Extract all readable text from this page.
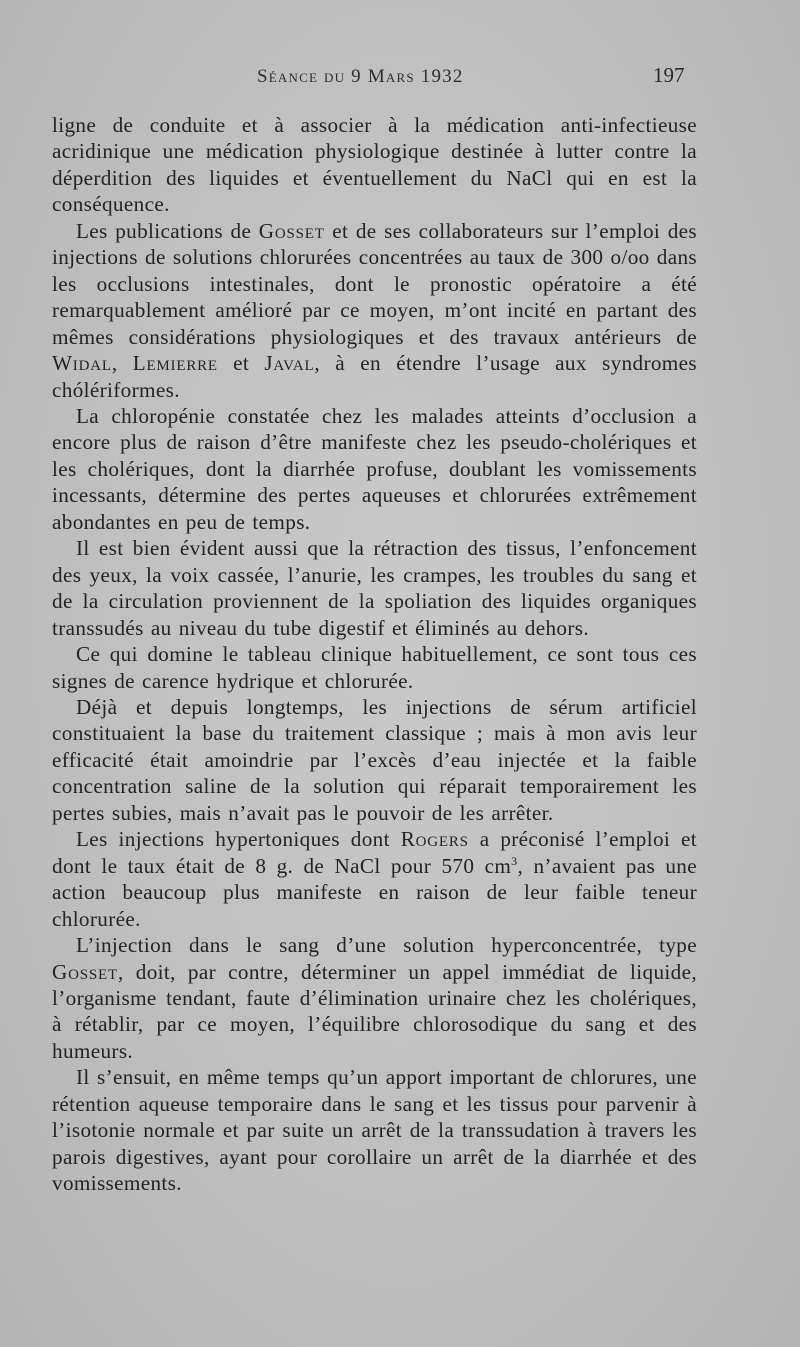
Séance du 9 Mars 1932	197

ligne de conduite et à associer à la médication anti-infectieuse acridinique une médication physiologique destinée à lutter contre la déperdition des liquides et éventuellement du NaCl qui en est la conséquence.

Les publications de Gosset et de ses collaborateurs sur l’emploi des injections de solutions chlorurées concentrées au taux de 300 o/oo dans les occlusions intestinales, dont le pronostic opératoire a été remarquablement amélioré par ce moyen, m’ont incité en partant des mêmes considérations physiologiques et des travaux antérieurs de Widal, Lemierre et Javal, à en étendre l’usage aux syndromes chólériformes.

La chloropénie constatée chez les malades atteints d’occlusion a encore plus de raison d’être manifeste chez les pseudo-cholériques et les cholériques, dont la diarrhée profuse, doublant les vomissements incessants, détermine des pertes aqueuses et chlorurées extrêmement abondantes en peu de temps.

Il est bien évident aussi que la rétraction des tissus, l’enfoncement des yeux, la voix cassée, l’anurie, les crampes, les troubles du sang et de la circulation proviennent de la spoliation des liquides organiques transsudés au niveau du tube digestif et éliminés au dehors.

Ce qui domine le tableau clinique habituellement, ce sont tous ces signes de carence hydrique et chlorurée.

Déjà et depuis longtemps, les injections de sérum artificiel constituaient la base du traitement classique ; mais à mon avis leur efficacité était amoindrie par l’excès d’eau injectée et la faible concentration saline de la solution qui réparait temporairement les pertes subies, mais n’avait pas le pouvoir de les arrêter.

Les injections hypertoniques dont Rogers a préconisé l’emploi et dont le taux était de 8 g. de NaCl pour 570 $cm^3$, n’avaient pas une action beaucoup plus manifeste en raison de leur faible teneur chlorurée.

L’injection dans le sang d’une solution hyperconcentrée, type Gosset, doit, par contre, déterminer un appel immédiat de liquide, l’organisme tendant, faute d’élimination urinaire chez les cholériques, à rétablir, par ce moyen, l’équilibre chlorosodique du sang et des humeurs.

Il s’ensuit, en même temps qu’un apport important de chlorures, une rétention aqueuse temporaire dans le sang et les tissus pour parvenir à l’isotonie normale et par suite un arrêt de la transsudation à travers les parois digestives, ayant pour corollaire un arrêt de la diarrhée et des vomissements.
